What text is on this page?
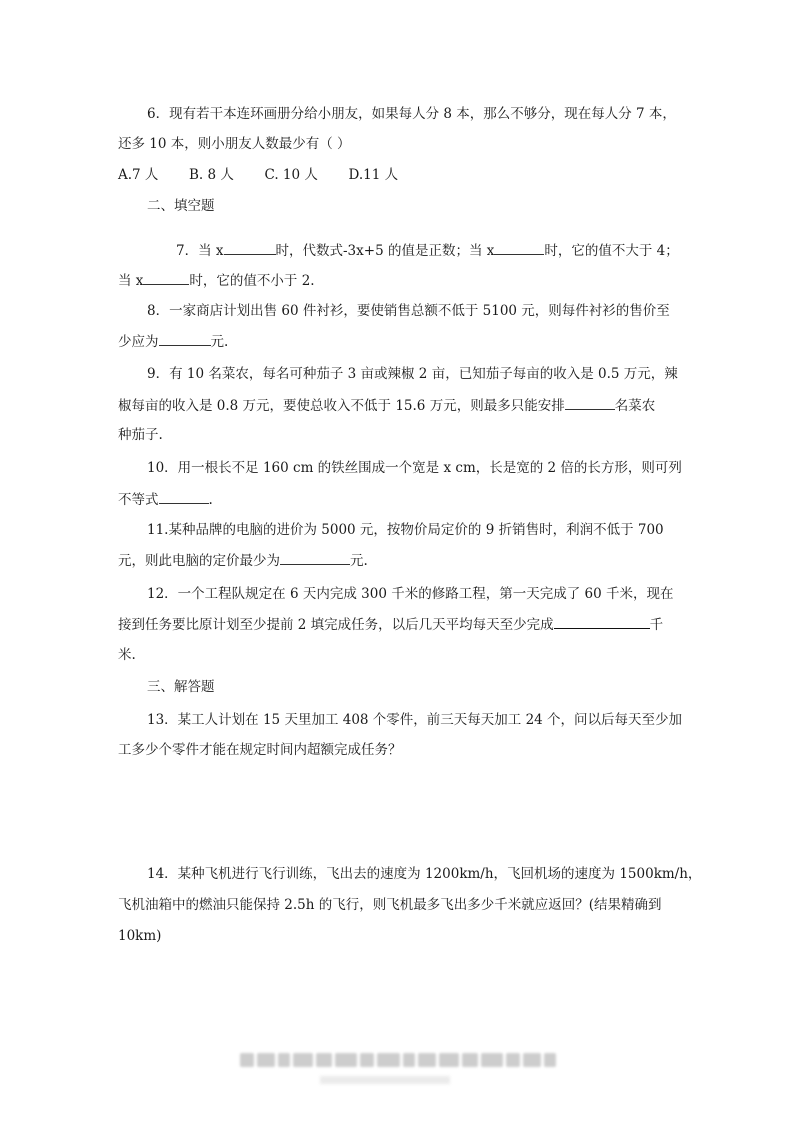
6．现有若干本连环画册分给小朋友，如果每人分 8 本，那么不够分，现在每人分 7 本，
还多 10 本，则小朋友人数最少有（ ）
A.7 人 B. 8 人 C. 10 人 D.11 人
二、填空题
7．当 x	时，代数式-3x+5 的值是正数；当 x	时，它的值不大于 4；
当 x	时，它的值不小于 2.
8．一家商店计划出售 60 件衬衫，要使销售总额不低于 5100 元，则每件衬衫的售价至
少应为	元.
9．有 10 名菜农，每名可种茄子 3 亩或辣椒 2 亩，已知茄子每亩的收入是 0.5 万元，辣
椒每亩的收入是 0.8 万元，要使总收入不低于 15.6 万元，则最多只能安排	名菜农
种茄子.
10．用一根长不足 160 cm 的铁丝围成一个宽是 x cm，长是宽的 2 倍的长方形，则可列
不等式	.
11.某种品牌的电脑的进价为 5000 元，按物价局定价的 9 折销售时，利润不低于 700
元，则此电脑的定价最少为	元.
12．一个工程队规定在 6 天内完成 300 千米的修路工程，第一天完成了 60 千米，现在
接到任务要比原计划至少提前 2 填完成任务，以后几天平均每天至少完成	千
米.
三、解答题
13．某工人计划在 15 天里加工 408 个零件，前三天每天加工 24 个，问以后每天至少加
工多少个零件才能在规定时间内超额完成任务？
14．某种飞机进行飞行训练，飞出去的速度为 1200km/h，飞回机场的速度为 1500km/h，
飞机油箱中的燃油只能保持 2.5h 的飞行，则飞机最多飞出多少千米就应返回？(结果精确到
10km)
